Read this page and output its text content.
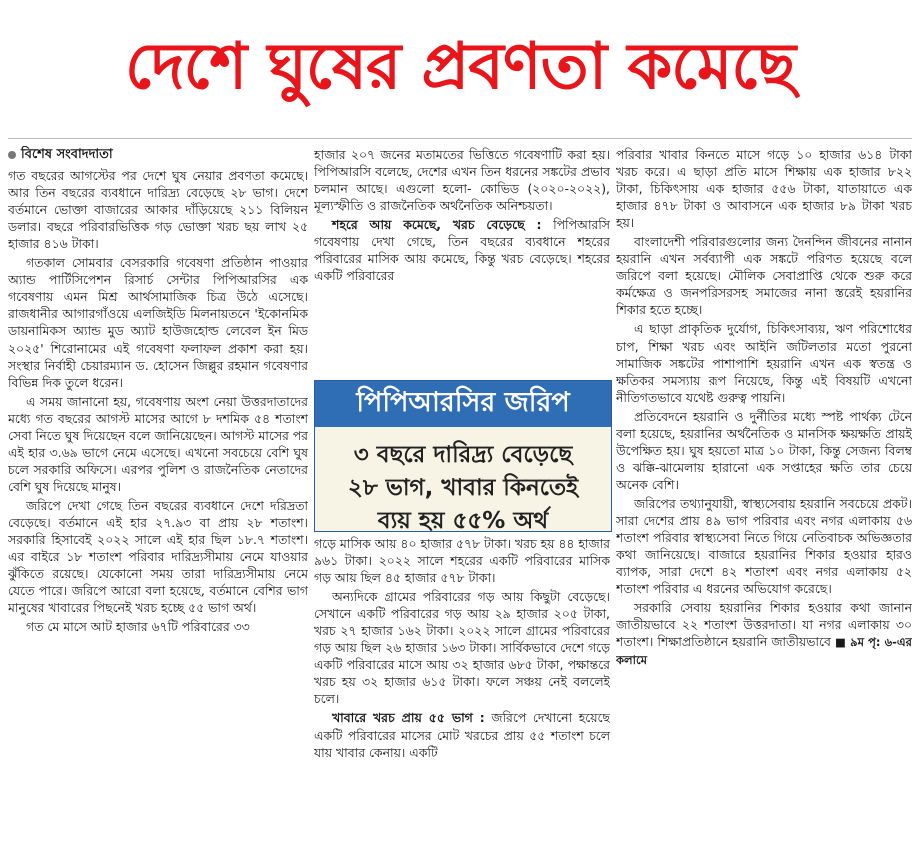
দেশে ঘুষের প্রবণতা কমেছে
বিশেষ সংবাদদাতা

গত বছরের আগস্টের পর দেশে ঘুষ নেয়ার প্রবণতা কমেছে। আর তিন বছরের ব্যবধানে দারিদ্র্য বেড়েছে ২৮ ভাগ। দেশে বর্তমানে ভোক্তা বাজারের আকার দাঁড়িয়েছে ২১১ বিলিয়ন ডলার। বছরে পরিবারভিত্তিক গড় ভোক্তা খরচ ছয় লাখ ২৫ হাজার ৪১৬ টাকা।

গতকাল সোমবার বেসরকারি গবেষণা প্রতিষ্ঠান পাওয়ার অ্যান্ড পার্টিসিপেশন রিসার্চ সেন্টার পিপিআরসির এক গবেষণায় এমন মিশ্র আর্থসামাজিক চিত্র উঠে এসেছে। রাজধানীর আগারগাঁওয়ে এলজিইডি মিলনায়তনে 'ইকোনমিক ডায়নামিকস অ্যান্ড মুড অ্যাট হাউজহোল্ড লেবেল ইন মিড ২০২৫' শিরোনামের এই গবেষণা ফলাফল প্রকাশ করা হয়। সংস্থার নির্বাহী চেয়ারম্যান ড. হোসেন জিল্লুর রহমান গবেষণার বিভিন্ন দিক তুলে ধরেন।

এ সময় জানানো হয়, গবেষণায় অংশ নেয়া উত্তরদাতাদের মধ্যে গত বছরের আগস্ট মাসের আগে ৮ দশমিক ৫৪ শতাংশ সেবা নিতে ঘুষ দিয়েছেন বলে জানিয়েছেন। আগস্ট মাসের পর এই হার ৩.৬৯ ভাগে নেমে এসেছে। এখনো সবচেয়ে বেশি ঘুষ চলে সরকারি অফিসে। এরপর পুলিশ ও রাজনৈতিক নেতাদের বেশি ঘুষ দিয়েছে মানুষ।

জরিপে দেখা গেছে তিন বছরের ব্যবধানে দেশে দরিদ্রতা বেড়েছে। বর্তমানে এই হার ২৭.৯৩ বা প্রায় ২৮ শতাংশ। সরকারি হিসাবেই ২০২২ সালে এই হার ছিল ১৮.৭ শতাংশ। এর বাইরে ১৮ শতাংশ পরিবার দারিদ্র্যসীমায় নেমে যাওয়ার ঝুঁকিতে রয়েছে। যেকোনো সময় তারা দারিদ্র্যসীমায় নেমে যেতে পারে। জরিপে আরো বলা হয়েছে, বর্তমানে বেশির ভাগ মানুষের খাবারের পিছনেই খরচ হচ্ছে ৫৫ ভাগ অর্থ।

গত মে মাসে আট হাজার ৬৭টি পরিবারের ৩৩

হাজার ২০৭ জনের মতামতের ভিত্তিতে গবেষণাটি করা হয়। পিপিআরসি বলেছে, দেশের এখন তিন ধরনের সঙ্কটের প্রভাব চলমান আছে। এগুলো হলো- কোভিড (২০২০-২০২২), মূল্যস্ফীতি ও রাজনৈতিক অর্থনৈতিক অনিশ্চয়তা।

শহরে আয় কমেছে, খরচ বেড়েছে : পিপিআরসি গবেষণায় দেখা গেছে, তিন বছরের ব্যবধানে শহরের পরিবারের মাসিক আয় কমেছে, কিন্তু খরচ বেড়েছে। শহরের একটি পরিবারের

পিপিআরসির জরিপ
৩ বছরে দারিদ্র্য বেড়েছে
২৮ ভাগ, খাবার কিনতেই
ব্যয় হয় ৫৫% অর্থ

গড়ে মাসিক আয় ৪০ হাজার ৫৭৮ টাকা। খরচ হয় ৪৪ হাজার ৯৬১ টাকা। ২০২২ সালে শহরের একটি পরিবারের মাসিক গড় আয় ছিল ৪৫ হাজার ৫৭৮ টাকা।

অন্যদিকে গ্রামের পরিবারের গড় আয় কিছুটা বেড়েছে। সেখানে একটি পরিবারের গড় আয় ২৯ হাজার ২০৫ টাকা, খরচ ২৭ হাজার ১৬২ টাকা। ২০২২ সালে গ্রামের পরিবারের গড় আয় ছিল ২৬ হাজার ১৬৩ টাকা। সার্বিকভাবে দেশে গড়ে একটি পরিবারের মাসে আয় ৩২ হাজার ৬৮৫ টাকা, পক্ষান্তরে খরচ হয় ৩২ হাজার ৬১৫ টাকা। ফলে সঞ্চয় নেই বললেই চলে।

খাবারে খরচ প্রায় ৫৫ ভাগ : জরিপে দেখানো হয়েছে একটি পরিবারের মাসের মোট খরচের প্রায় ৫৫ শতাংশ চলে যায় খাবার কেনায়। একটি

পরিবার খাবার কিনতে মাসে গড়ে ১০ হাজার ৬১৪ টাকা খরচ করে। এ ছাড়া প্রতি মাসে শিক্ষায় এক হাজার ৮২২ টাকা, চিকিৎসায় এক হাজার ৫৫৬ টাকা, যাতায়াতে এক হাজার ৪৭৮ টাকা ও আবাসনে এক হাজার ৮৯ টাকা খরচ হয়।

বাংলাদেশী পরিবারগুলোর জন্য দৈনন্দিন জীবনের নানান হয়রানি এখন সর্বব্যাপী এক সঙ্কটে পরিণত হয়েছে বলে জরিপে বলা হয়েছে। মৌলিক সেবাপ্রাপ্তি থেকে শুরু করে কর্মক্ষেত্র ও জনপরিসরসহ সমাজের নানা স্তরেই হয়রানির শিকার হতে হচ্ছে।

এ ছাড়া প্রাকৃতিক দুর্যোগ, চিকিৎসাব্যয়, ঋণ পরিশোধের চাপ, শিক্ষা খরচ এবং আইনি জটিলতার মতো পুরনো সামাজিক সঙ্কটের পাশাপাশি হয়রানি এখন এক স্বতন্ত্র ও ক্ষতিকর সমস্যায় রূপ নিয়েছে, কিন্তু এই বিষয়টি এখনো নীতিগতভাবে যথেষ্ট গুরুত্ব পায়নি।

প্রতিবেদনে হয়রানি ও দুর্নীতির মধ্যে স্পষ্ট পার্থক্য টেনে বলা হয়েছে, হয়রানির অর্থনৈতিক ও মানসিক ক্ষয়ক্ষতি প্রায়ই উপেক্ষিত হয়। ঘুষ হয়তো মাত্র ১০ টাকা, কিন্তু সেজন্য বিলম্ব ও ঝক্কি-ঝামেলায় হারানো এক সপ্তাহের ক্ষতি তার চেয়ে অনেক বেশি।

জরিপের তথ্যানুযায়ী, স্বাস্থ্যসেবায় হয়রানি সবচেয়ে প্রকট। সারা দেশের প্রায় ৪৯ ভাগ পরিবার এবং নগর এলাকায় ৫৬ শতাংশ পরিবার স্বাস্থ্যসেবা নিতে গিয়ে নেতিবাচক অভিজ্ঞতার কথা জানিয়েছে। বাজারে হয়রানির শিকার হওয়ার হারও ব্যাপক, সারা দেশে ৪২ শতাংশ এবং নগর এলাকায় ৫২ শতাংশ পরিবার এ ধরনের অভিযোগ করেছে।

সরকারি সেবায় হয়রানির শিকার হওয়ার কথা জানান জাতীয়ভাবে ২২ শতাংশ উত্তরদাতা। যা নগর এলাকায় ৩০ শতাংশ। শিক্ষাপ্রতিষ্ঠানে হয়রানি জাতীয়ভাবে ■ ৯ম পৃ: ৬-এর কলামে
